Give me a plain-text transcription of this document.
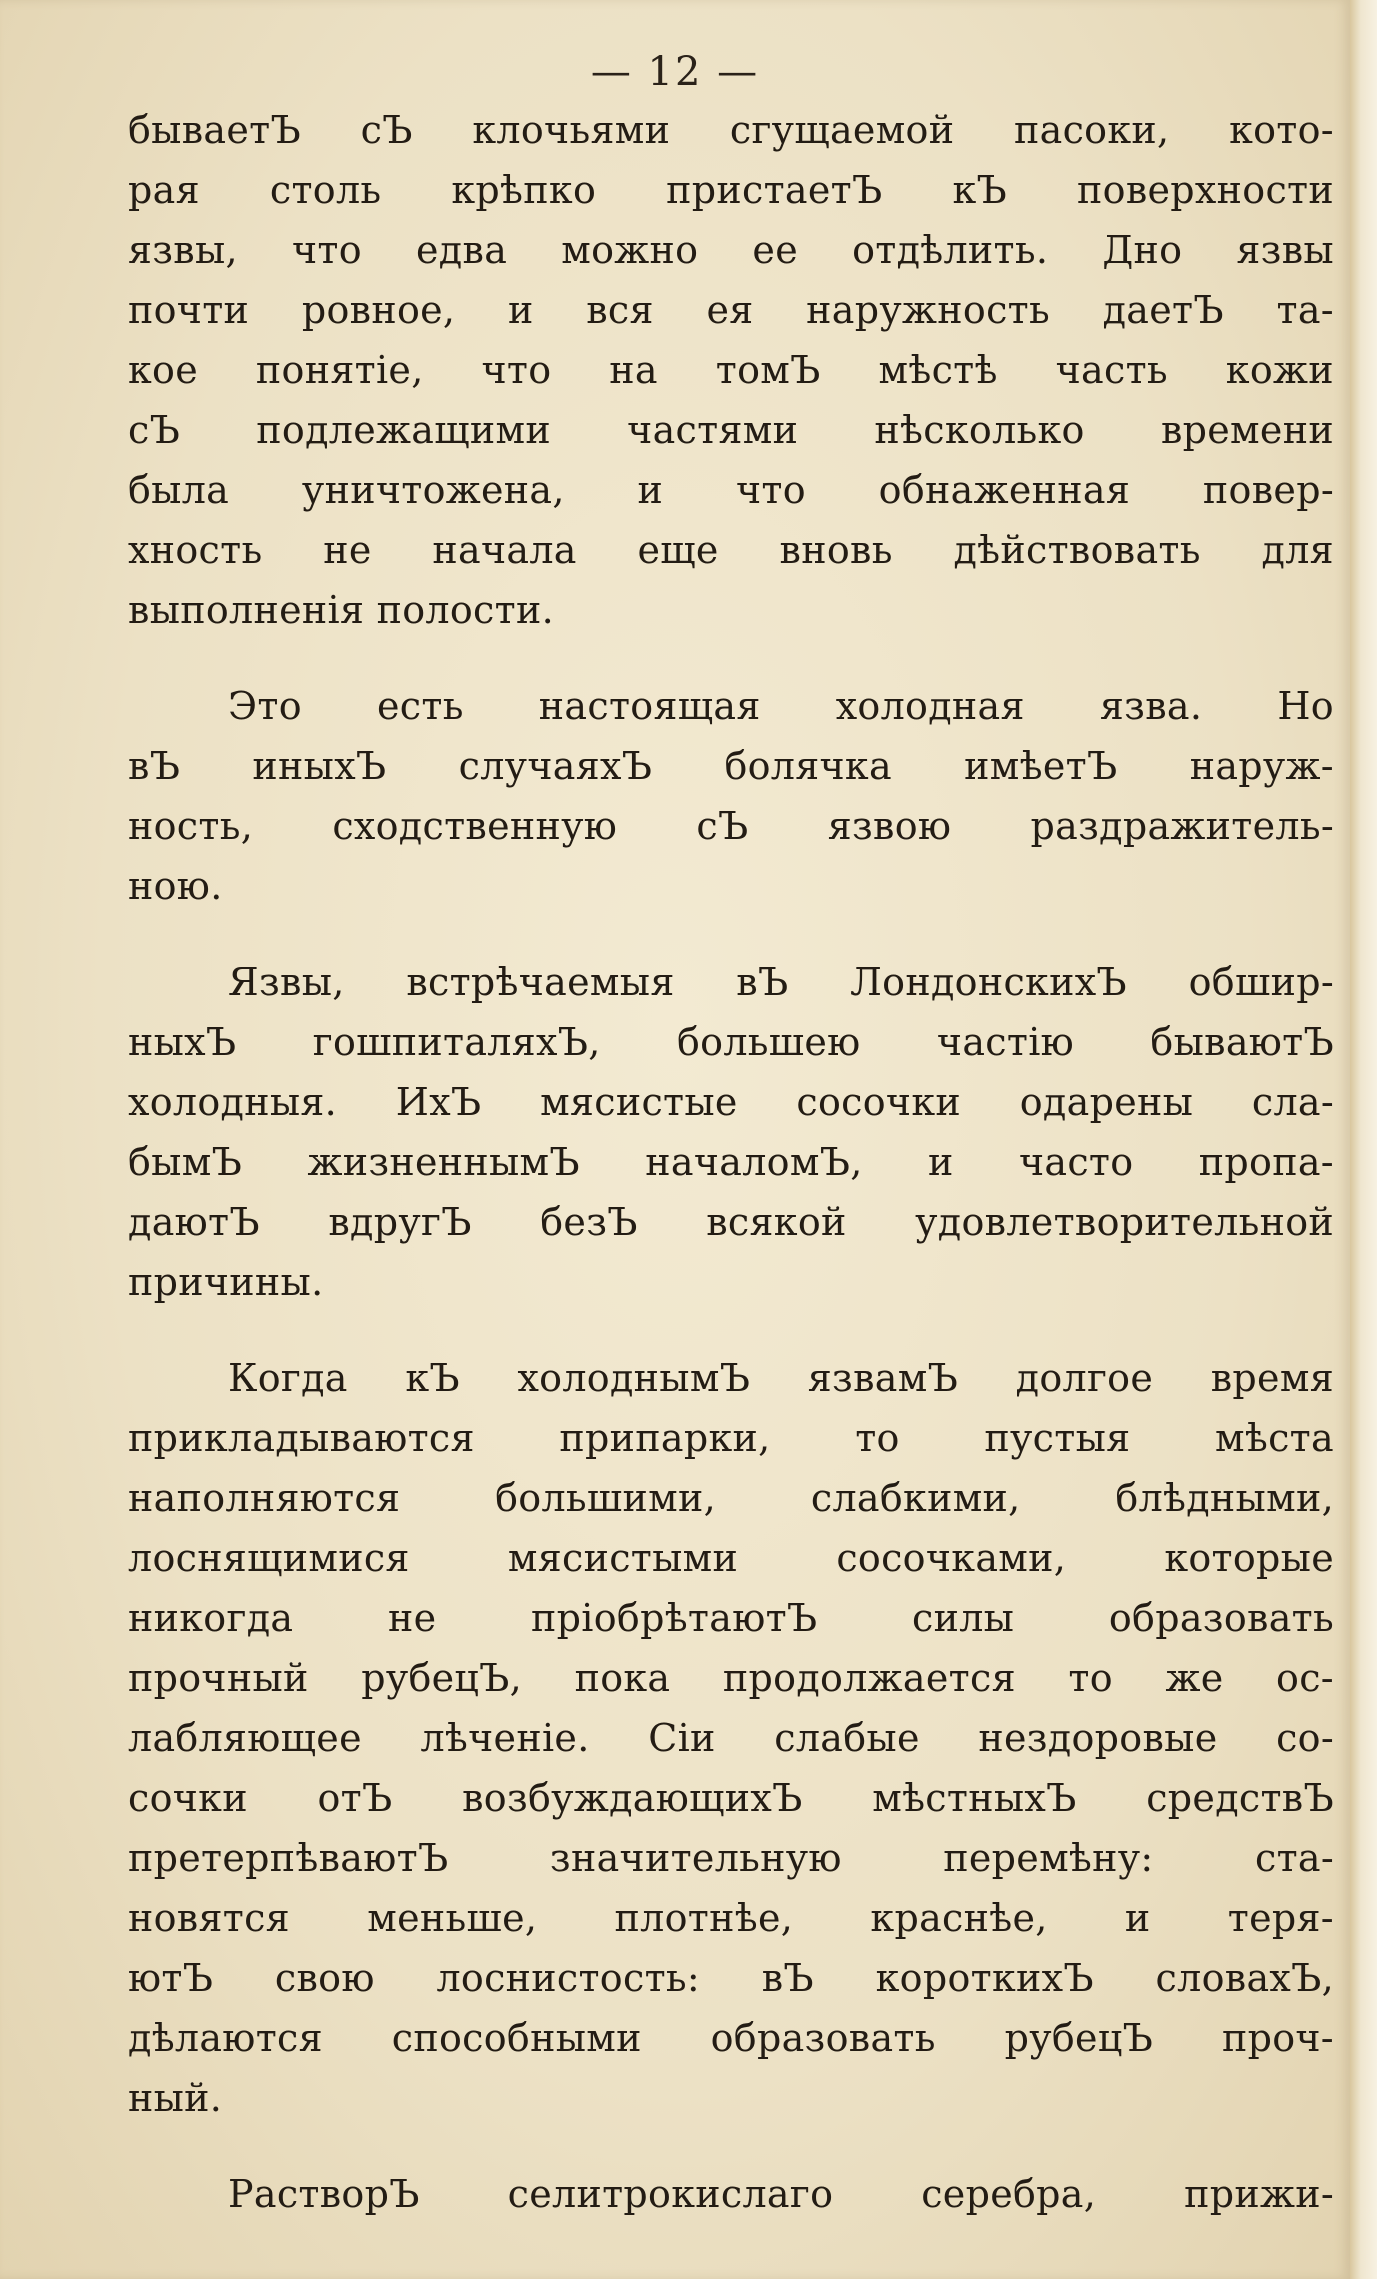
— 12 —
бываетЪ сЪ клочьями сгущаемой пасоки, кото-
рая столь крѣпко пристаетЪ кЪ поверхности
язвы, что едва можно ее отдѣлить. Дно язвы
почти ровное, и вся ея наружность даетЪ та-
кое понятіе, что на томЪ мѣстѣ часть кожи
сЪ подлежащими частями нѣсколько времени
была уничтожена, и что обнаженная повер-
хность не начала еще вновь дѣйствовать для
выполненія полости.
Это есть настоящая холодная язва. Но
вЪ иныхЪ случаяхЪ болячка имѣетЪ наруж-
ность, сходственную сЪ язвою раздражитель-
ною.
Язвы, встрѣчаемыя вЪ ЛондонскихЪ обшир-
ныхЪ гошпиталяхЪ, большею частію бываютЪ
холодныя. ИхЪ мясистые сосочки одарены сла-
бымЪ жизненнымЪ началомЪ, и часто пропа-
даютЪ вдругЪ безЪ всякой удовлетворительной
причины.
Когда кЪ холоднымЪ язвамЪ долгое время
прикладываются припарки, то пустыя мѣста
наполняются большими, слабкими, блѣдными,
лоснящимися	мясистыми	сосочками,	которые
никогда не пріобрѣтаютЪ силы образовать
прочный рубецЪ, пока продолжается то же ос-
лабляющее лѣченіе. Сіи слабые нездоровые со-
сочки отЪ возбуждающихЪ мѣстныхЪ средствЪ
претерпѣваютЪ	значительную	перемѣну:	ста-
новятся меньше, плотнѣе, краснѣе, и теря-
ютЪ свою лоснистость: вЪ короткихЪ словахЪ,
дѣлаются способными образовать рубецЪ проч-
ный.
РастворЪ селитрокислаго серебра, прижи-
